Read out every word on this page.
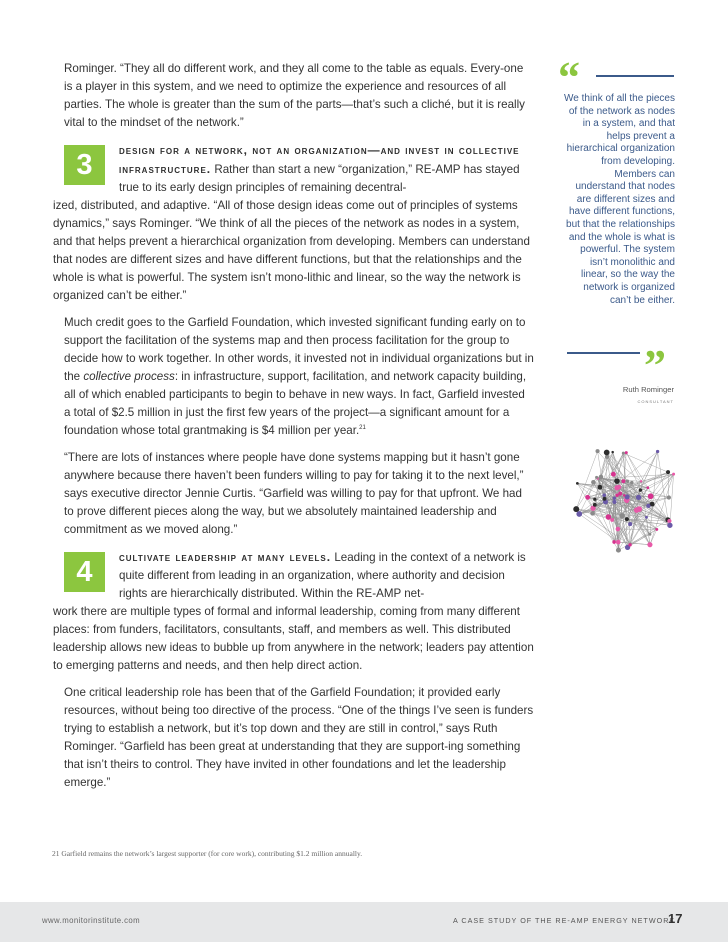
Rominger. “They all do different work, and they all come to the table as equals. Every-one is a player in this system, and we need to optimize the experience and resources of all parties. The whole is greater than the sum of the parts—that’s such a cliché, but it is really vital to the mindset of the network.”

3	design for a network, not an organization—and invest in collective infrastructure. Rather than start a new “organization,” RE-AMP has stayed true to its early design principles of remaining decentral-

ized, distributed, and adaptive. “All of those design ideas come out of principles of systems dynamics,” says Rominger. “We think of all the pieces of the network as nodes in a system, and that helps prevent a hierarchical organization from developing. Members can understand that nodes are different sizes and have different functions, but that the relationships and the whole is what is powerful. The system isn’t mono-lithic and linear, so the way the network is organized can’t be either.”

Much credit goes to the Garfield Foundation, which invested significant funding early on to support the facilitation of the systems map and then process facilitation for the group to decide how to work together. In other words, it invested not in individual organizations but in the collective process: in infrastructure, support, facilitation, and network capacity building, all of which enabled participants to begin to behave in new ways. In fact, Garfield invested a total of $2.5 million in just the first few years of the project—a significant amount for a foundation whose total grantmaking is $4 million per year.$^{21}$

“There are lots of instances where people have done systems mapping but it hasn’t gone anywhere because there haven’t been funders willing to pay for taking it to the next level,” says executive director Jennie Curtis. “Garfield was willing to pay for that upfront. We had to prove different pieces along the way, but we absolutely maintained leadership and commitment as we moved along.”

4	cultivate leadership at many levels. Leading in the context of a network is quite different from leading in an organization, where authority and decision rights are hierarchically distributed. Within the RE-AMP net-

work there are multiple types of formal and informal leadership, coming from many different places: from funders, facilitators, consultants, staff, and members as well. This distributed leadership allows new ideas to bubble up from anywhere in the network; leaders pay attention to emerging patterns and needs, and then help direct action.

One critical leadership role has been that of the Garfield Foundation; it provided early resources, without being too directive of the process. “One of the things I’ve seen is funders trying to establish a network, but it’s top down and they are still in control,” says Ruth Rominger. “Garfield has been great at understanding that they are support-ing something that isn’t theirs to control. They have invited in other foundations and let the leadership emerge.”

“
We think of all the pieces of the network as nodes in a system, and that helps prevent a hierarchical organization from developing. Members can understand that nodes are different sizes and have different functions, but that the relationships and the whole is what is powerful. The system isn’t monolithic and linear, so the way the network is organized can’t be either.
”
Ruth Rominger
consultant
21 Garfield remains the network’s largest supporter (for core work), contributing $1.2 million annually.
www.monitorinstitute.com	A CASE STUDY OF THE RE-AMP ENERGY NETWORK
17
